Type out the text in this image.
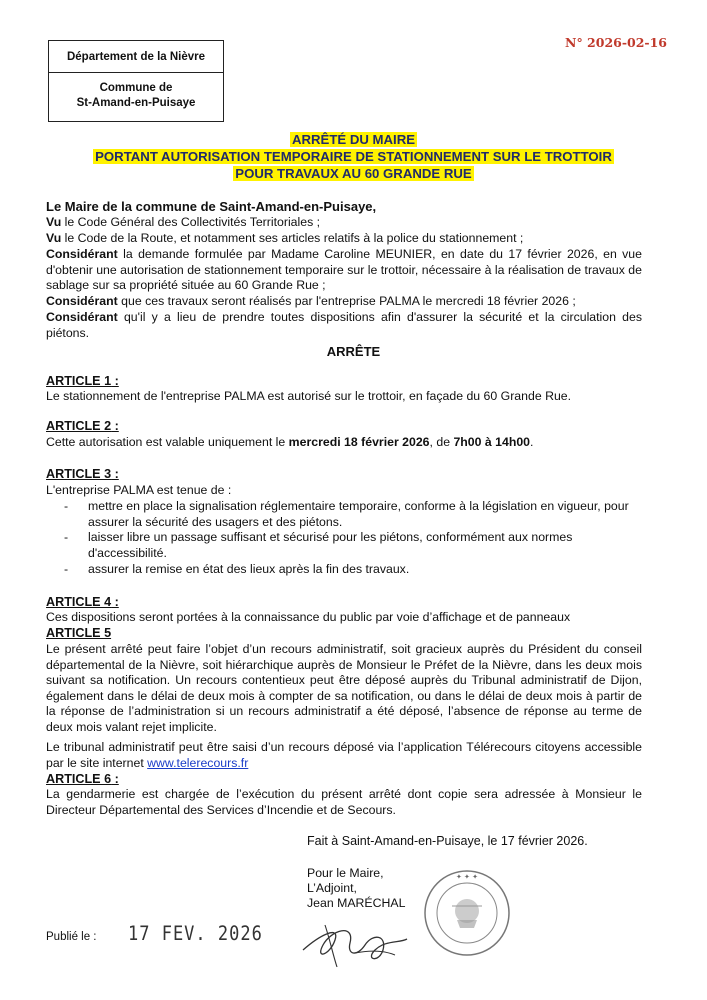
Département de la Nièvre
Commune de
St-Amand-en-Puisaye
N° 2026-02-16
ARRÊTÉ DU MAIRE
PORTANT AUTORISATION TEMPORAIRE DE STATIONNEMENT SUR LE TROTTOIR
POUR TRAVAUX AU 60 GRANDE RUE
Le Maire de la commune de Saint-Amand-en-Puisaye,
Vu le Code Général des Collectivités Territoriales ;
Vu le Code de la Route, et notamment ses articles relatifs à la police du stationnement ;
Considérant la demande formulée par Madame Caroline MEUNIER, en date du 17 février 2026, en vue d'obtenir une autorisation de stationnement temporaire sur le trottoir, nécessaire à la réalisation de travaux de sablage sur sa propriété située au 60 Grande Rue ;
Considérant que ces travaux seront réalisés par l'entreprise PALMA le mercredi 18 février 2026 ;
Considérant qu'il y a lieu de prendre toutes dispositions afin d'assurer la sécurité et la circulation des piétons.
ARRÊTE
ARTICLE 1 :
Le stationnement de l'entreprise PALMA est autorisé sur le trottoir, en façade du 60 Grande Rue.
ARTICLE 2 :
Cette autorisation est valable uniquement le mercredi 18 février 2026, de 7h00 à 14h00.
ARTICLE 3 :
L'entreprise PALMA est tenue de :
- mettre en place la signalisation réglementaire temporaire, conforme à la législation en vigueur, pour assurer la sécurité des usagers et des piétons.
- laisser libre un passage suffisant et sécurisé pour les piétons, conformément aux normes d'accessibilité.
- assurer la remise en état des lieux après la fin des travaux.
ARTICLE 4 :
Ces dispositions seront portées à la connaissance du public par voie d’affichage et de panneaux
ARTICLE 5
Le présent arrêté peut faire l’objet d’un recours administratif, soit gracieux auprès du Président du conseil départemental de la Nièvre, soit hiérarchique auprès de Monsieur le Préfet de la Nièvre, dans les deux mois suivant sa notification. Un recours contentieux peut être déposé auprès du Tribunal administratif de Dijon, également dans le délai de deux mois à compter de sa notification, ou dans le délai de deux mois à partir de la réponse de l’administration si un recours administratif a été déposé, l’absence de réponse au terme de deux mois valant rejet implicite.
Le tribunal administratif peut être saisi d’un recours déposé via l’application Télérecours citoyens accessible par le site internet www.telerecours.fr
ARTICLE 6 :
La gendarmerie est chargée de l’exécution du présent arrêté dont copie sera adressée à Monsieur le Directeur Départemental des Services d’Incendie et de Secours.
Fait à Saint-Amand-en-Puisaye, le 17 février 2026.
Pour le Maire,
L’Adjoint,
Jean MARÉCHAL
Publié le : 17 FEV. 2026
✦ ✦ ✦
